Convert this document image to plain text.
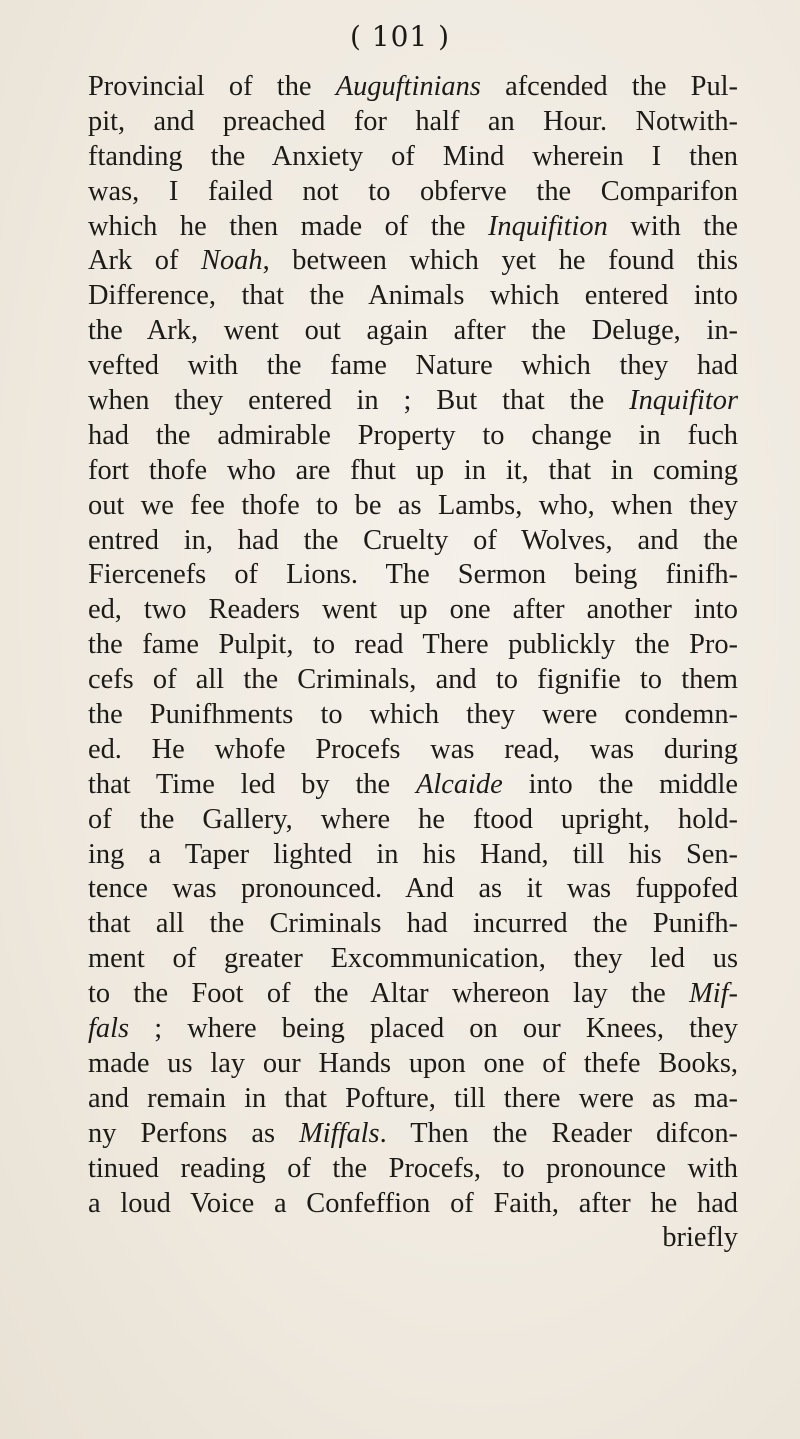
( 101 )
Provincial of the Auguftinians afcended the Pul-
pit, and preached for half an Hour. Notwith-
ftanding the Anxiety of Mind wherein I then
was, I failed not to obferve the Comparifon
which he then made of the Inquifition with the
Ark of Noah, between which yet he found this
Difference, that the Animals which entered into
the Ark, went out again after the Deluge, in-
vefted with the fame Nature which they had
when they entered in ; But that the Inquifitor
had the admirable Property to change in fuch
fort thofe who are fhut up in it, that in coming
out we fee thofe to be as Lambs, who, when they
entred in, had the Cruelty of Wolves, and the
Fiercenefs of Lions. The Sermon being finifh-
ed, two Readers went up one after another into
the fame Pulpit, to read There publickly the Pro-
cefs of all the Criminals, and to fignifie to them
the Punifhments to which they were condemn-
ed. He whofe Procefs was read, was during
that Time led by the Alcaide into the middle
of the Gallery, where he ftood upright, hold-
ing a Taper lighted in his Hand, till his Sen-
tence was pronounced. And as it was fuppofed
that all the Criminals had incurred the Punifh-
ment of greater Excommunication, they led us
to the Foot of the Altar whereon lay the Mif-
fals ; where being placed on our Knees, they
made us lay our Hands upon one of thefe Books,
and remain in that Pofture, till there were as ma-
ny Perfons as Miffals. Then the Reader difcon-
tinued reading of the Procefs, to pronounce with
a loud Voice a Confeffion of Faith, after he had
briefly
